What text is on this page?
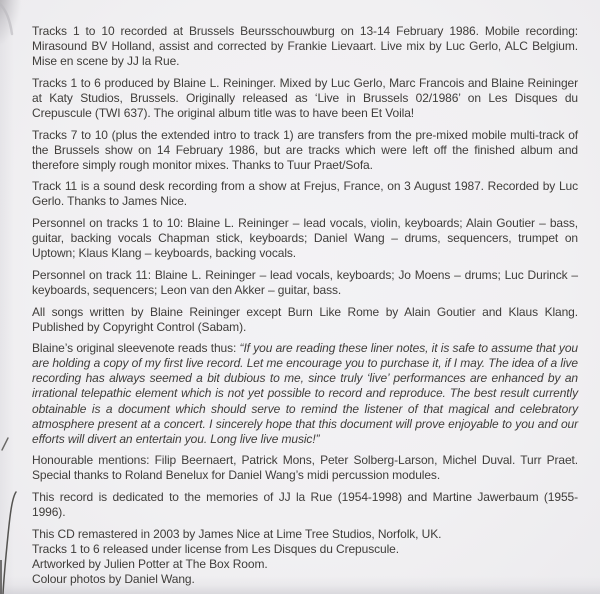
Tracks 1 to 10 recorded at Brussels Beursschouwburg on 13-14 February 1986. Mobile recording: Mirasound BV Holland, assist and corrected by Frankie Lievaart. Live mix by Luc Gerlo, ALC Belgium. Mise en scene by JJ la Rue.

Tracks 1 to 6 produced by Blaine L. Reininger. Mixed by Luc Gerlo, Marc Francois and Blaine Reininger at Katy Studios, Brussels. Originally released as ‘Live in Brussels 02/1986’ on Les Disques du Crepuscule (TWI 637). The original album title was to have been Et Voila!

Tracks 7 to 10 (plus the extended intro to track 1) are transfers from the pre-mixed mobile multi-track of the Brussels show on 14 February 1986, but are tracks which were left off the finished album and therefore simply rough monitor mixes. Thanks to Tuur Praet/Sofa.

Track 11 is a sound desk recording from a show at Frejus, France, on 3 August 1987. Recorded by Luc Gerlo. Thanks to James Nice.

Personnel on tracks 1 to 10: Blaine L. Reininger – lead vocals, violin, keyboards; Alain Goutier – bass, guitar, backing vocals Chapman stick, keyboards; Daniel Wang – drums, sequencers, trumpet on Uptown; Klaus Klang – keyboards, backing vocals.

Personnel on track 11: Blaine L. Reininger – lead vocals, keyboards; Jo Moens – drums; Luc Durinck – keyboards, sequencers; Leon van den Akker – guitar, bass.

All songs written by Blaine Reininger except Burn Like Rome by Alain Goutier and Klaus Klang. Published by Copyright Control (Sabam).

Blaine’s original sleevenote reads thus: “If you are reading these liner notes, it is safe to assume that you are holding a copy of my first live record. Let me encourage you to purchase it, if I may. The idea of a live recording has always seemed a bit dubious to me, since truly ‘live’ performances are enhanced by an irrational telepathic element which is not yet possible to record and reproduce. The best result currently obtainable is a document which should serve to remind the listener of that magical and celebratory atmosphere present at a concert. I sincerely hope that this document will prove enjoyable to you and our efforts will divert an entertain you. Long live live music!”

Honourable mentions: Filip Beernaert, Patrick Mons, Peter Solberg-Larson, Michel Duval. Turr Praet. Special thanks to Roland Benelux for Daniel Wang’s midi percussion modules.

This record is dedicated to the memories of JJ la Rue (1954-1998) and Martine Jawerbaum (1955-1996).

This CD remastered in 2003 by James Nice at Lime Tree Studios, Norfolk, UK.
Tracks 1 to 6 released under license from Les Disques du Crepuscule.
Artworked by Julien Potter at The Box Room.
Colour photos by Daniel Wang.
